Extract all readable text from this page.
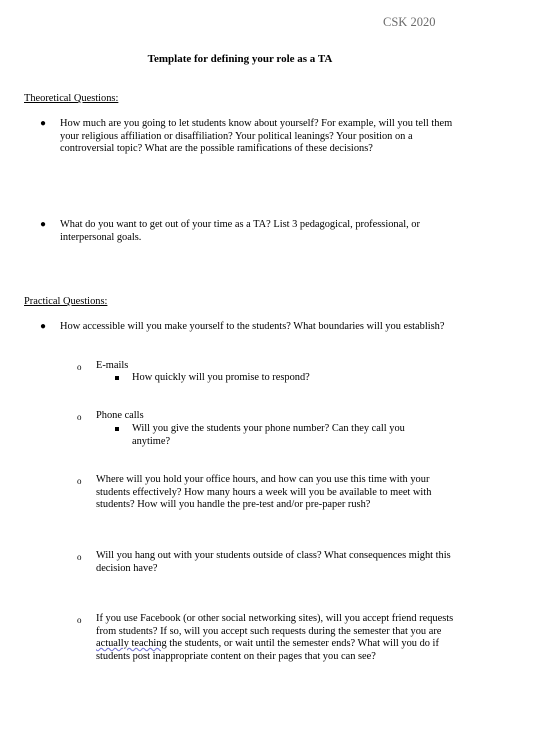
CSK 2020
Template for defining your role as a TA
Theoretical Questions:
● How much are you going to let students know about yourself? For example, will you tell them your religious affiliation or disaffiliation? Your political leanings? Your position on a controversial topic? What are the possible ramifications of these decisions?
● What do you want to get out of your time as a TA? List 3 pedagogical, professional, or interpersonal goals.
Practical Questions:
● How accessible will you make yourself to the students? What boundaries will you establish?
o E-mails
How quickly will you promise to respond?
o Phone calls
Will you give the students your phone number? Can they call you anytime?
o Where will you hold your office hours, and how can you use this time with your students effectively? How many hours a week will you be available to meet with students? How will you handle the pre-test and/or pre-paper rush?
o Will you hang out with your students outside of class? What consequences might this decision have?
o If you use Facebook (or other social networking sites), will you accept friend requests from students? If so, will you accept such requests during the semester that you are actually teaching the students, or wait until the semester ends? What will you do if students post inappropriate content on their pages that you can see?
